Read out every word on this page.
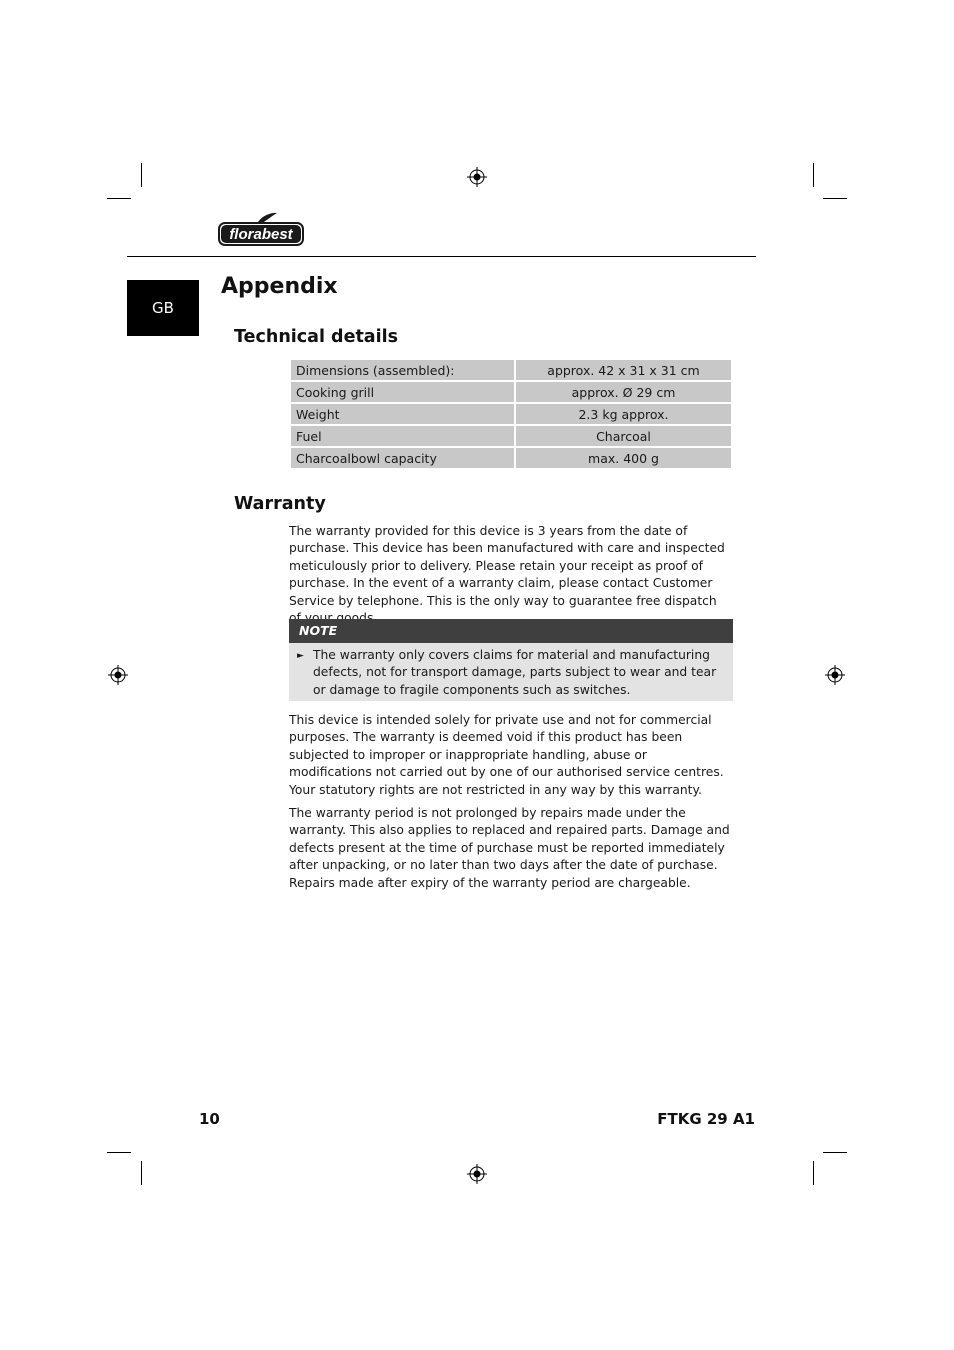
florabest
GB
Appendix
Technical details
Dimensions (assembled):	approx. 42 x 31 x 31 cm
Cooking grill	approx. Ø 29 cm
Weight	2.3 kg approx.
Fuel	Charcoal
Charcoalbowl capacity	max. 400 g
Warranty

The warranty provided for this device is 3 years from the date of purchase. This device has been manufactured with care and inspected meticulously prior to delivery. Please retain your receipt as proof of purchase. In the event of a warranty claim, please contact Customer Service by telephone. This is the only way to guarantee free dispatch

NOTE
► The warranty only covers claims for material and manufacturing defects, not for transport damage, parts subject to wear and tear or damage to fragile components such as switches.

This device is intended solely for private use and not for commercial purposes. The warranty is deemed void if this product has been subjected to improper or inappropriate handling, abuse or modifications not carried out by one of our authorised service centres. Your statutory rights are not restricted in any way by this warranty.

The warranty period is not prolonged by repairs made under the warranty. This also applies to replaced and repaired parts. Damage and defects present at the time of purchase must be reported immediately after unpacking, or no later than two days after the date of purchase. Repairs made after expiry of the warranty period are chargeable.

10	FTKG 29 A1
